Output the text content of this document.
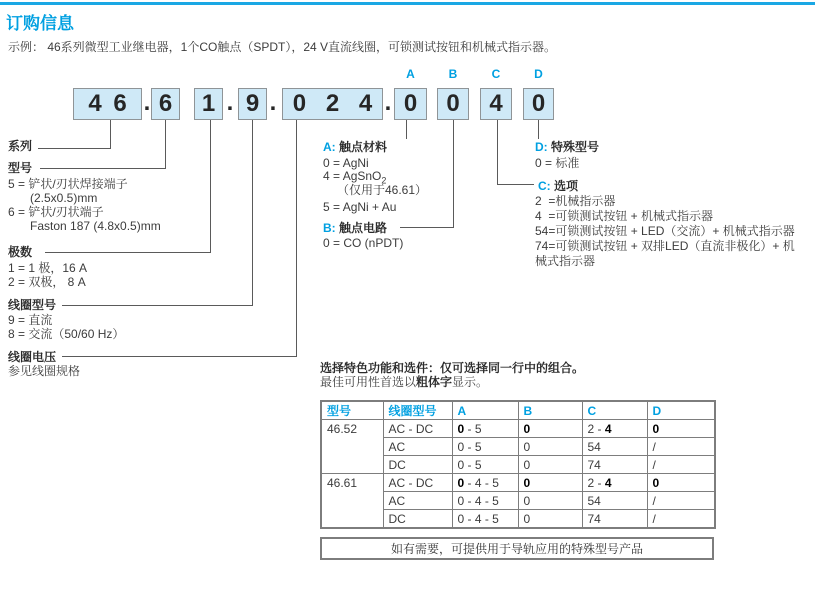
订购信息
示例： 46系列微型工业继电器，1个CO触点（SPDT），24 V直流线圈，可锁测试按钮和机械式指示器。
4 6 . 6	1 . 9 . 0 2 4 . 0	0	4	0
A	B	C	D
系列
型号
5 = 铲状/刃状焊接端子
(2.5x0.5)mm
6 = 铲状/刃状端子
Faston 187 (4.8x0.5)mm
极数
1 = 1 极，16 A
2 = 双极， 8 A
线圈型号
9 = 直流
8 = 交流（50/60 Hz）
线圈电压
参见线圈规格
A: 触点材料
0 = AgNi
4 = AgSnO$_2$
（仅用于46.61）
5 = AgNi + Au
B: 触点电路
0 = CO (nPDT)
D: 特殊型号
0 = 标准
C: 选项
2  =机械指示器
4  =可锁测试按钮 + 机械式指示器
54=可锁测试按钮 + LED（交流）+ 机械式指示器
74=可锁测试按钮 + 双排LED（直流非极化）+ 机
械式指示器
选择特色功能和选件：仅可选择同一行中的组合。
最佳可用性首选以粗体字显示。
型号	线圈型号	A	B	C	D
46.52	AC - DC	0 - 5	0	2 - 4	0
	AC	0 - 5	0	54	/
	DC	0 - 5	0	74	/
46.61	AC - DC	0 - 4 - 5	0	2 - 4	0
	AC	0 - 4 - 5	0	54	/
	DC	0 - 4 - 5	0	74	/
如有需要，可提供用于导轨应用的特殊型号产品
